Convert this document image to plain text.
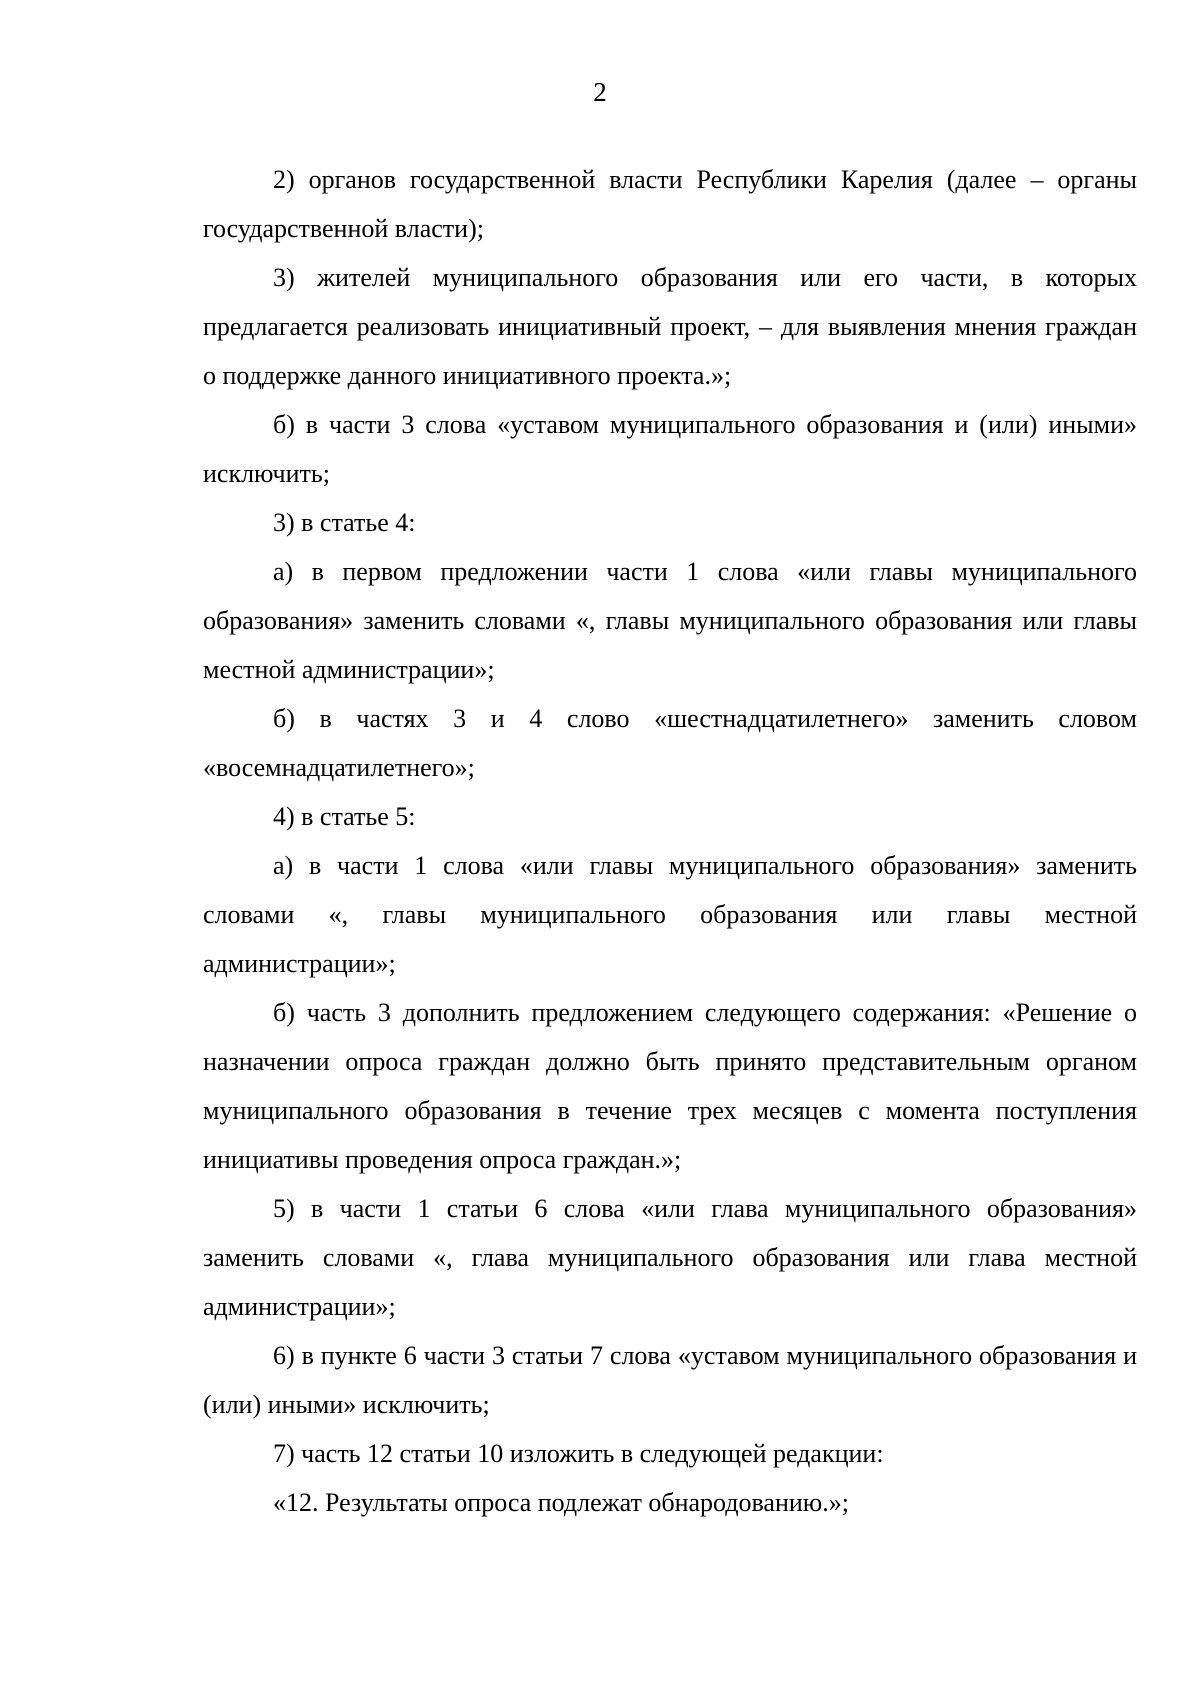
2

2) органов государственной власти Республики Карелия (далее – органы государственной власти);

3) жителей муниципального образования или его части, в которых предлагается реализовать инициативный проект, – для выявления мнения граждан о поддержке данного инициативного проекта.»;

б) в части 3 слова «уставом муниципального образования и (или) иными» исключить;

3) в статье 4:

а) в первом предложении части 1 слова «или главы муниципального образования» заменить словами «, главы муниципального образования или главы местной администрации»;

б) в частях 3 и 4 слово «шестнадцатилетнего» заменить словом «восемнадцатилетнего»;

4) в статье 5:

а) в части 1 слова «или главы муниципального образования» заменить словами «, главы муниципального образования или главы местной администрации»;

б) часть 3 дополнить предложением следующего содержания: «Решение о назначении опроса граждан должно быть принято представительным органом муниципального образования в течение трех месяцев с момента поступления инициативы проведения опроса граждан.»;

5) в части 1 статьи 6 слова «или глава муниципального образования» заменить словами «, глава муниципального образования или глава местной администрации»;

6) в пункте 6 части 3 статьи 7 слова «уставом муниципального образования и (или) иными» исключить;

7) часть 12 статьи 10 изложить в следующей редакции:

«12. Результаты опроса подлежат обнародованию.»;
